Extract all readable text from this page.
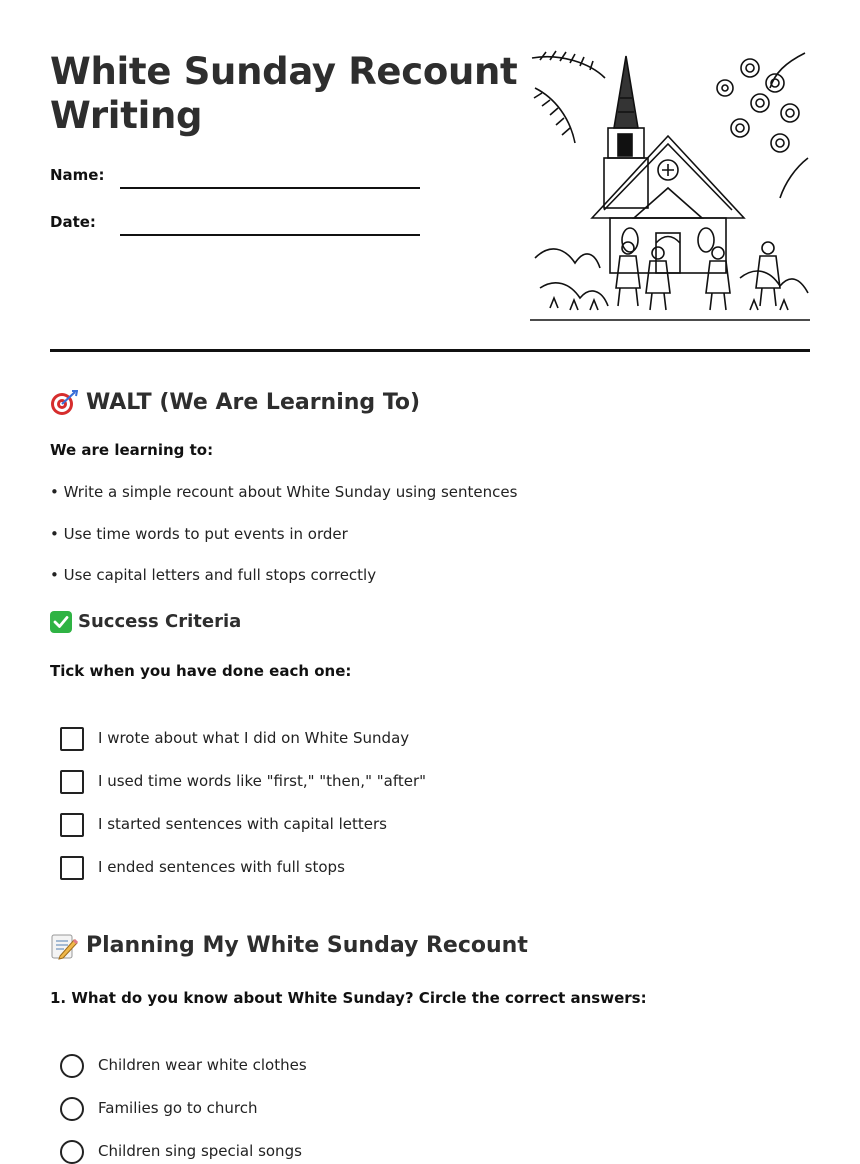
White Sunday Recount
Writing
Name:
Date:
WALT (We Are Learning To)
We are learning to:
• Write a simple recount about White Sunday using sentences
• Use time words to put events in order
• Use capital letters and full stops correctly
Success Criteria
Tick when you have done each one:
I wrote about what I did on White Sunday
I used time words like "first," "then," "after"
I started sentences with capital letters
I ended sentences with full stops
Planning My White Sunday Recount
1. What do you know about White Sunday? Circle the correct answers:
Children wear white clothes
Families go to church
Children sing special songs
